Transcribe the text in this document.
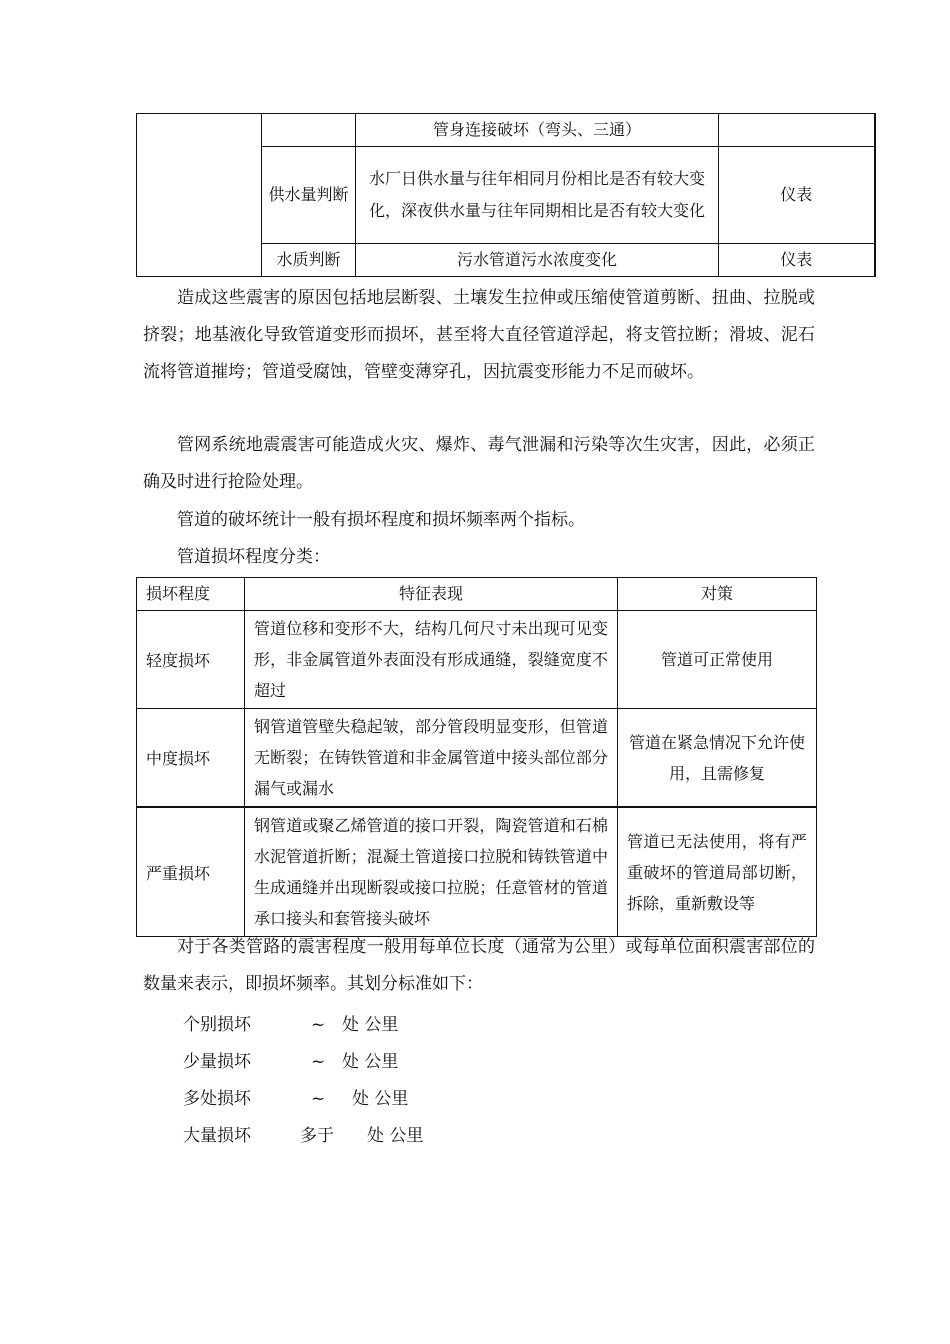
		管身连接破坏（弯头、三通）	
	供水量判断	水厂日供水量与往年相同月份相比是否有较大变化，深夜供水量与往年同期相比是否有较大变化	仪表
	水质判断	污水管道污水浓度变化	仪表

造成这些震害的原因包括地层断裂、土壤发生拉伸或压缩使管道剪断、扭曲、拉脱或挤裂；地基液化导致管道变形而损坏，甚至将大直径管道浮起，将支管拉断；滑坡、泥石流将管道摧垮；管道受腐蚀，管壁变薄穿孔，因抗震变形能力不足而破坏。

管网系统地震震害可能造成火灾、爆炸、毒气泄漏和污染等次生灾害，因此，必须正确及时进行抢险处理。

管道的破坏统计一般有损坏程度和损坏频率两个指标。

管道损坏程度分类：

损坏程度	特征表现	对策
轻度损坏	管道位移和变形不大，结构几何尺寸未出现可见变形，非金属管道外表面没有形成通缝，裂缝宽度不超过	管道可正常使用
中度损坏	钢管道管壁失稳起皱，部分管段明显变形，但管道无断裂；在铸铁管道和非金属管道中接头部位部分漏气或漏水	管道在紧急情况下允许使用，且需修复
严重损坏	钢管道或聚乙烯管道的接口开裂，陶瓷管道和石棉水泥管道折断；混凝土管道接口拉脱和铸铁管道中生成通缝并出现断裂或接口拉脱；任意管材的管道承口接头和套管接头破坏	管道已无法使用，将有严重破坏的管道局部切断，拆除，重新敷设等

对于各类管路的震害程度一般用每单位长度（通常为公里）或每单位面积震害部位的数量来表示，即损坏频率。其划分标准如下：

个别损坏	~ 处 公里
少量损坏	~ 处 公里
多处损坏	~ 处 公里
大量损坏	多于 处 公里
